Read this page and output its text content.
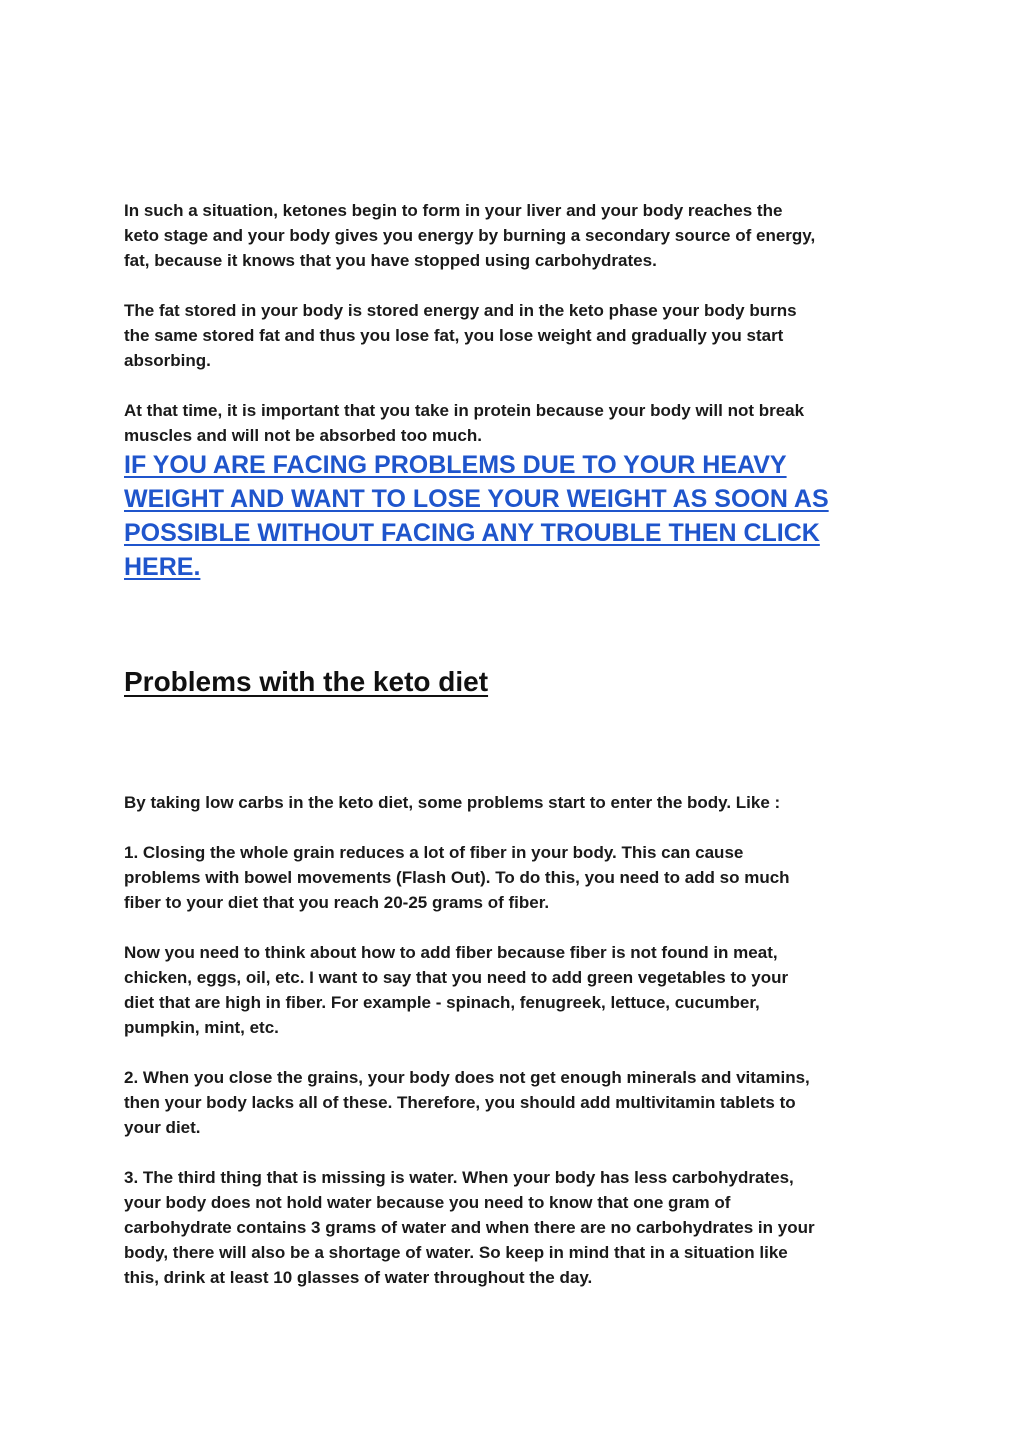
In such a situation, ketones begin to form in your liver and your body reaches the
keto stage and your body gives you energy by burning a secondary source of energy,
fat, because it knows that you have stopped using carbohydrates.

The fat stored in your body is stored energy and in the keto phase your body burns
the same stored fat and thus you lose fat, you lose weight and gradually you start
absorbing.

At that time, it is important that you take in protein because your body will not break
muscles and will not be absorbed too much.

IF YOU ARE FACING PROBLEMS DUE TO YOUR HEAVY
WEIGHT AND WANT TO LOSE YOUR WEIGHT AS SOON AS
POSSIBLE WITHOUT FACING ANY TROUBLE THEN CLICK
HERE.
Problems with the keto diet

By taking low carbs in the keto diet, some problems start to enter the body. Like :

1. Closing the whole grain reduces a lot of fiber in your body. This can cause
problems with bowel movements (Flash Out). To do this, you need to add so much
fiber to your diet that you reach 20-25 grams of fiber.

Now you need to think about how to add fiber because fiber is not found in meat,
chicken, eggs, oil, etc. I want to say that you need to add green vegetables to your
diet that are high in fiber. For example - spinach, fenugreek, lettuce, cucumber,
pumpkin, mint, etc.

2. When you close the grains, your body does not get enough minerals and vitamins,
then your body lacks all of these. Therefore, you should add multivitamin tablets to
your diet.

3. The third thing that is missing is water. When your body has less carbohydrates,
your body does not hold water because you need to know that one gram of
carbohydrate contains 3 grams of water and when there are no carbohydrates in your
body, there will also be a shortage of water. So keep in mind that in a situation like
this, drink at least 10 glasses of water throughout the day.
